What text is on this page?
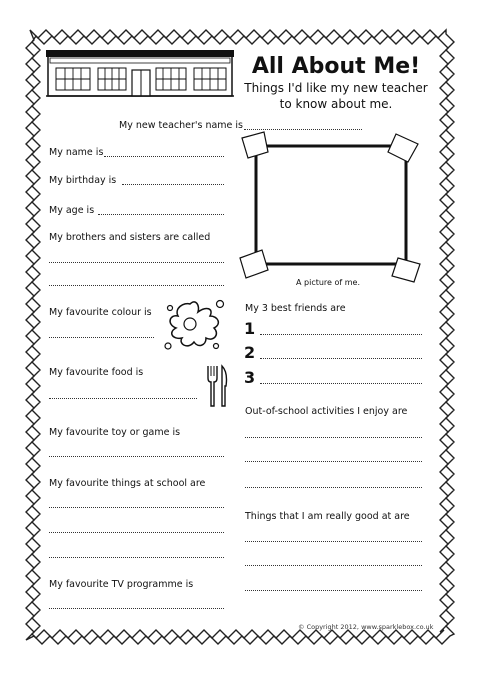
All About Me!
Things I'd like my new teacher
to know about me.
My new teacher's name is
My name is
My birthday is
My age is
My brothers and sisters are called
My favourite colour is
My favourite food is
My favourite toy or game is
My favourite things at school are
My favourite TV programme is
A picture of me.
My 3 best friends are
1
2
3
Out-of-school activities I enjoy are
Things that I am really good at are
© Copyright 2012, www.sparklebox.co.uk
